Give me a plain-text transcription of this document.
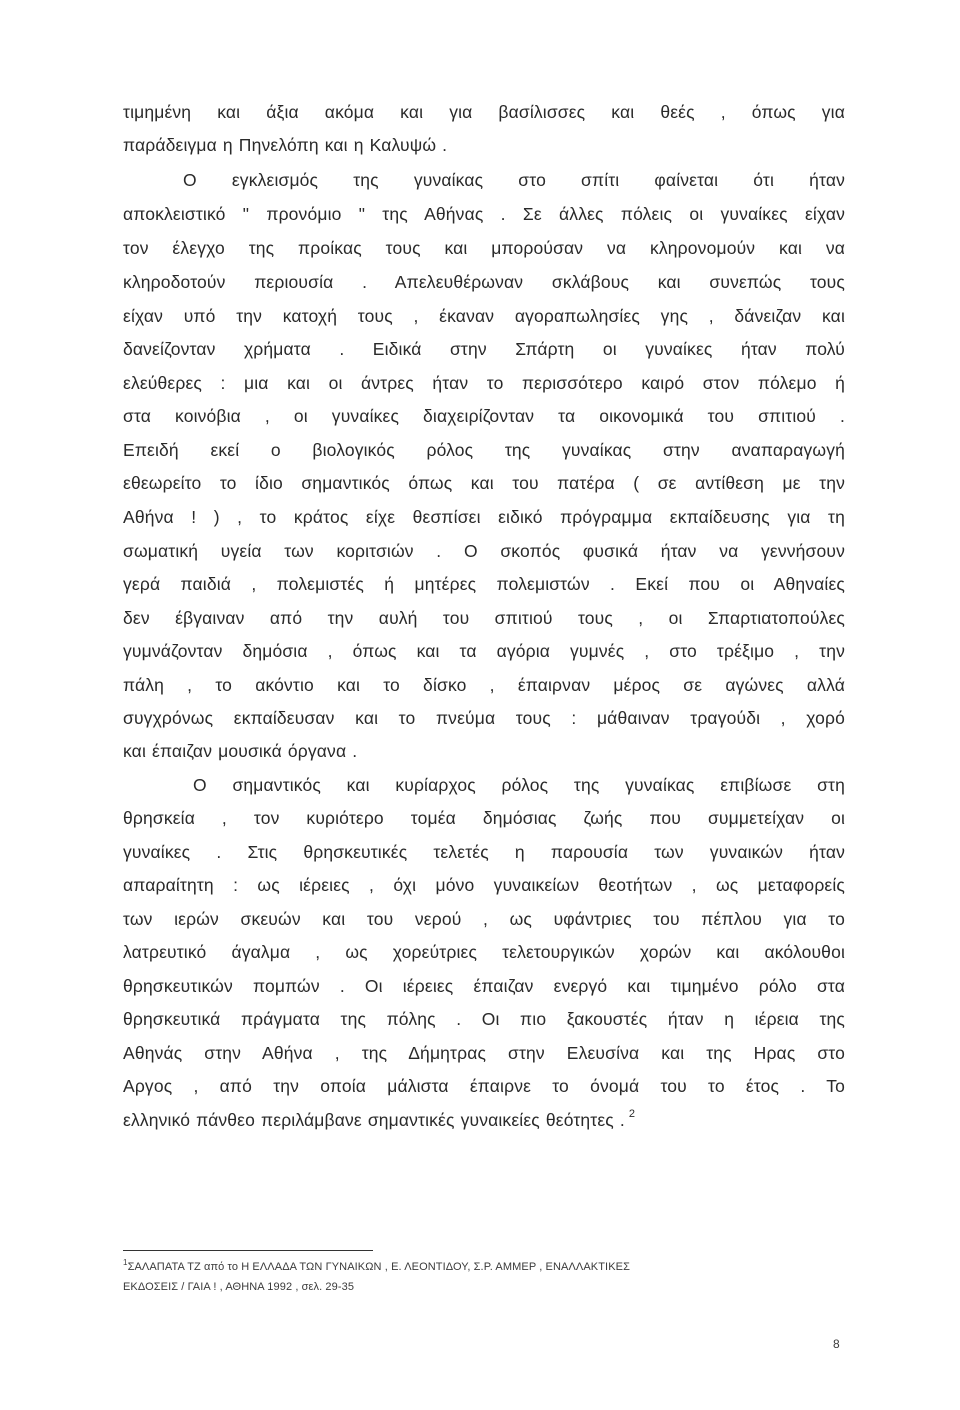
τιμημένη και άξια ακόμα και για βασίλισσες και θεές , όπως για
παράδειγμα η Πηνελόπη και η Καλυψώ .
Ο εγκλεισμός της γυναίκας στο σπίτι φαίνεται ότι ήταν
αποκλειστικό " προνόμιο " της Αθήνας . Σε άλλες πόλεις οι γυναίκες είχαν
τον έλεγχο της προίκας τους και μπορούσαν να κληρονομούν και να
κληροδοτούν περιουσία . Απελευθέρωναν σκλάβους και συνεπώς τους
είχαν υπό την κατοχή τους , έκαναν αγοραπωλησίες γης , δάνειζαν και
δανείζονταν χρήματα . Ειδικά στην Σπάρτη οι γυναίκες ήταν πολύ
ελεύθερες : μια και οι άντρες ήταν το περισσότερο καιρό στον πόλεμο ή
στα κοινόβια , οι γυναίκες διαχειρίζονταν τα οικονομικά του σπιτιού .
Επειδή εκεί ο βιολογικός ρόλος της γυναίκας στην αναπαραγωγή
εθεωρείτο το ίδιο σημαντικός όπως και του πατέρα ( σε αντίθεση με την
Αθήνα ! ) , το κράτος είχε θεσπίσει ειδικό πρόγραμμα εκπαίδευσης για τη
σωματική υγεία των κοριτσιών . Ο σκοπός φυσικά ήταν να γεννήσουν
γερά παιδιά , πολεμιστές ή μητέρες πολεμιστών . Εκεί που οι Αθηναίες
δεν έβγαιναν από την αυλή του σπιτιού τους , οι Σπαρτιατοπούλες
γυμνάζονταν δημόσια , όπως και τα αγόρια γυμνές , στο τρέξιμο , την
πάλη , το ακόντιο και το δίσκο , έπαιρναν μέρος σε αγώνες αλλά
συγχρόνως εκπαίδευσαν και το πνεύμα τους : μάθαιναν τραγούδι , χορό
και έπαιζαν μουσικά όργανα .
Ο σημαντικός και κυρίαρχος ρόλος της γυναίκας επιβίωσε στη
θρησκεία , τον κυριότερο τομέα δημόσιας ζωής που συμμετείχαν οι
γυναίκες . Στις θρησκευτικές τελετές η παρουσία των γυναικών ήταν
απαραίτητη : ως ιέρειες , όχι μόνο γυναικείων θεοτήτων , ως μεταφορείς
των ιερών σκευών και του νερού , ως υφάντριες του πέπλου για το
λατρευτικό άγαλμα , ως χορεύτριες τελετουργικών χορών και ακόλουθοι
θρησκευτικών πομπών . Οι ιέρειες έπαιζαν ενεργό και τιμημένο ρόλο στα
θρησκευτικά πράγματα της πόλης . Οι πιο ξακουστές ήταν η ιέρεια της
Αθηνάς στην Αθήνα , της Δήμητρας στην Ελευσίνα και της Ηρας στο
Αργος , από την οποία μάλιστα έπαιρνε το όνομά του το έτος . Το
ελληνικό πάνθεο περιλάμβανε σημαντικές γυναικείες θεότητες . $^2$
$^1$ΣΑΛΑΠΑΤΑ ΤΖ από το Η ΕΛΛΑΔΑ ΤΩΝ ΓΥΝΑΙΚΩΝ , Ε. ΛΕΟΝΤΙΔΟΥ, Σ.Ρ. ΑΜΜΕΡ , ΕΝΑΛΛΑΚΤΙΚΕΣ
ΕΚΔΟΣΕΙΣ / ΓΑΙΑ ! , ΑΘΗΝΑ 1992 , σελ. 29-35
8
